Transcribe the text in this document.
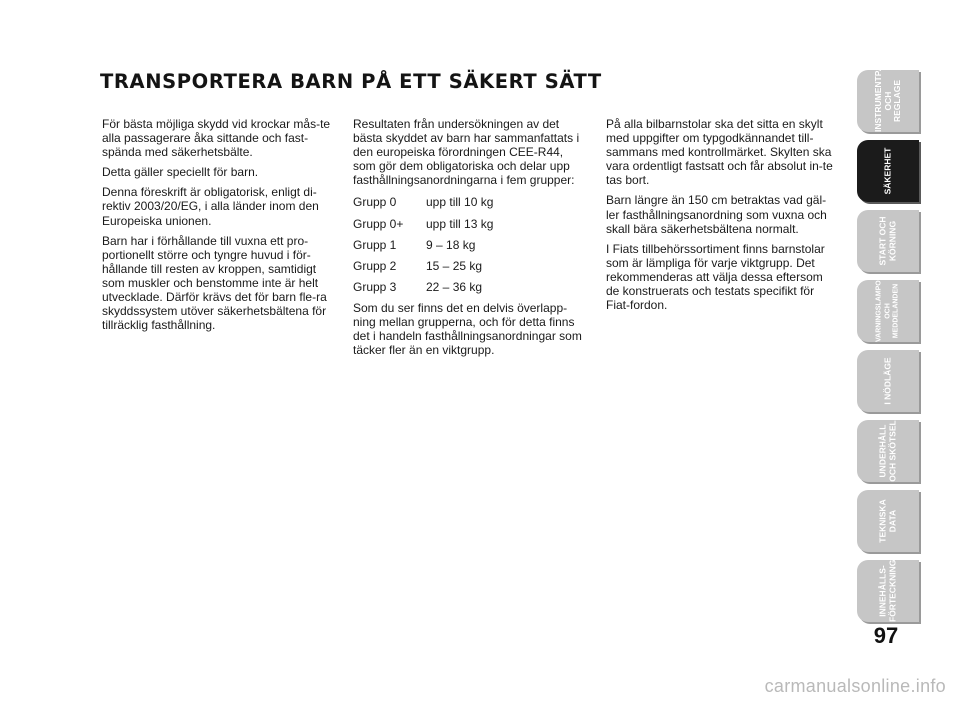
TRANSPORTERA BARN PÅ ETT SÄKERT SÄTT

För bästa möjliga skydd vid krockar mås-te alla passagerare åka sittande och fast-spända med säkerhetsbälte.

Detta gäller speciellt för barn.

Denna föreskrift är obligatorisk, enligt di-rektiv 2003/20/EG, i alla länder inom den Europeiska unionen.

Barn har i förhållande till vuxna ett pro-portionellt större och tyngre huvud i för-hållande till resten av kroppen, samtidigt som muskler och benstomme inte är helt utvecklade. Därför krävs det för barn fle-ra skyddssystem utöver säkerhetsbältena för tillräcklig fasthållning.

Resultaten från undersökningen av det bästa skyddet av barn har sammanfattats i den europeiska förordningen CEE-R44, som gör dem obligatoriska och delar upp fasthållningsanordningarna i fem grupper:

Grupp 0	upp till 10 kg
Grupp 0+	upp till 13 kg
Grupp 1	9 – 18 kg
Grupp 2	15 – 25 kg
Grupp 3	22 – 36 kg

Som du ser finns det en delvis överlapp-ning mellan grupperna, och för detta finns det i handeln fasthållningsanordningar som täcker fler än en viktgrupp.

På alla bilbarnstolar ska det sitta en skylt med uppgifter om typgodkännandet till-sammans med kontrollmärket. Skylten ska vara ordentligt fastsatt och får absolut in-te tas bort.

Barn längre än 150 cm betraktas vad gäl-ler fasthållningsanordning som vuxna och skall bära säkerhetsbältena normalt.

I Fiats tillbehörssortiment finns barnstolar som är lämpliga för varje viktgrupp. Det rekommenderas att välja dessa eftersom de konstruerats och testats specifikt för Fiat-fordon.

INSTRUMENTPANEL OCH REGLAGE
SÄKERHET
START OCH KÖRNING
VARNINGSLAMPOR OCH MEDDELANDEN
I NÖDLÄGE
UNDERHÅLL OCH SKÖTSEL
TEKNISKA DATA
INNEHÅLLS-FÖRTECKNING
97
carmanualsonline.info
